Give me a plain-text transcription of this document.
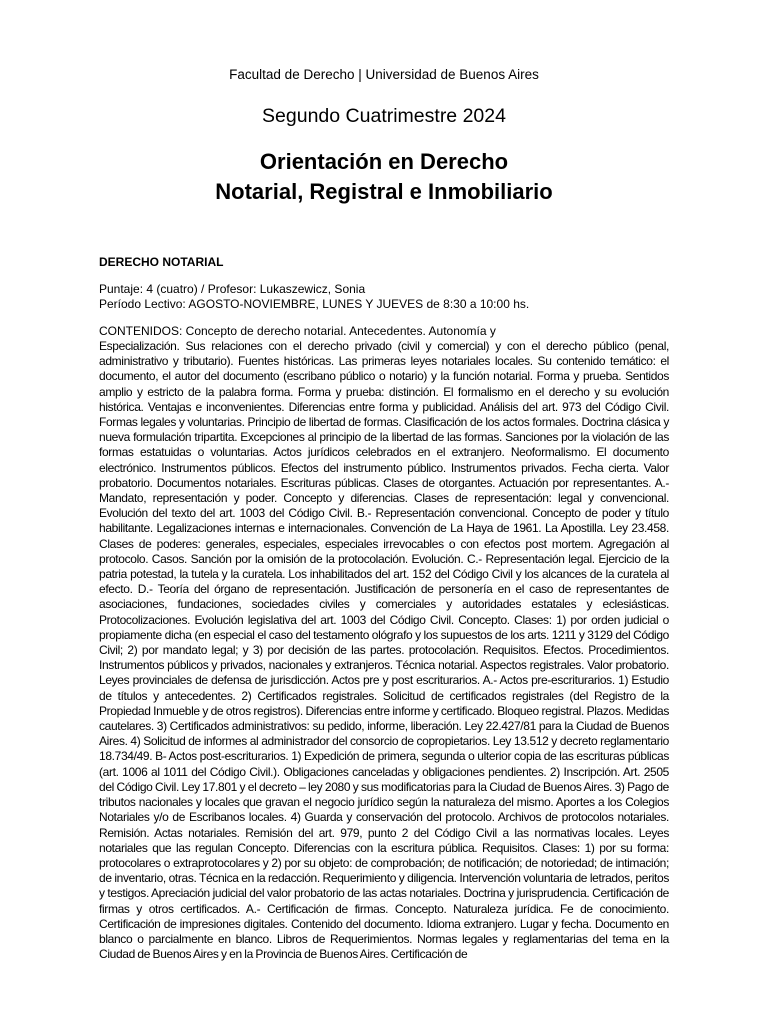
Facultad de Derecho | Universidad de Buenos Aires
Segundo Cuatrimestre 2024
Orientación en Derecho
Notarial, Registral e Inmobiliario
DERECHO NOTARIAL
Puntaje: 4 (cuatro) / Profesor: Lukaszewicz, Sonia
Período Lectivo: AGOSTO-NOVIEMBRE, LUNES Y JUEVES de 8:30 a 10:00 hs.
CONTENIDOS: Concepto de derecho notarial. Antecedentes. Autonomía y
Especialización. Sus relaciones con el derecho privado (civil y comercial) y con el derecho público (penal, administrativo y tributario). Fuentes históricas. Las primeras leyes notariales locales. Su contenido temático: el documento, el autor del documento (escribano público o notario) y la función notarial. Forma y prueba. Sentidos amplio y estricto de la palabra forma. Forma y prueba: distinción. El formalismo en el derecho y su evolución histórica. Ventajas e inconvenientes. Diferencias entre forma y publicidad. Análisis del art. 973 del Código Civil. Formas legales y voluntarias. Principio de libertad de formas. Clasificación de los actos formales. Doctrina clásica y nueva formulación tripartita. Excepciones al principio de la libertad de las formas. Sanciones por la violación de las formas estatuidas o voluntarias. Actos jurídicos celebrados en el extranjero. Neoformalismo. El documento electrónico. Instrumentos públicos. Efectos del instrumento público. Instrumentos privados. Fecha cierta. Valor probatorio. Documentos notariales. Escrituras públicas. Clases de otorgantes. Actuación por representantes. A.- Mandato, representación y poder. Concepto y diferencias. Clases de representación: legal y convencional. Evolución del texto del art. 1003 del Código Civil. B.- Representación convencional. Concepto de poder y título habilitante. Legalizaciones internas e internacionales. Convención de La Haya de 1961. La Apostilla. Ley 23.458. Clases de poderes: generales, especiales, especiales irrevocables o con efectos post mortem. Agregación al protocolo. Casos. Sanción por la omisión de la protocolación. Evolución. C.- Representación legal. Ejercicio de la patria potestad, la tutela y la curatela. Los inhabilitados del art. 152 del Código Civil y los alcances de la curatela al efecto. D.- Teoría del órgano de representación. Justificación de personería en el caso de representantes de asociaciones, fundaciones, sociedades civiles y comerciales y autoridades estatales y eclesiásticas. Protocolizaciones. Evolución legislativa del art. 1003 del Código Civil. Concepto. Clases: 1) por orden judicial o propiamente dicha (en especial el caso del testamento ológrafo y los supuestos de los arts. 1211 y 3129 del Código Civil; 2) por mandato legal; y 3) por decisión de las partes. protocolación. Requisitos. Efectos. Procedimientos. Instrumentos públicos y privados, nacionales y extranjeros. Técnica notarial. Aspectos registrales. Valor probatorio. Leyes provinciales de defensa de jurisdicción. Actos pre y post escriturarios. A.- Actos pre-escriturarios. 1) Estudio de títulos y antecedentes. 2) Certificados registrales. Solicitud de certificados registrales (del Registro de la Propiedad Inmueble y de otros registros). Diferencias entre informe y certificado. Bloqueo registral. Plazos. Medidas cautelares. 3) Certificados administrativos: su pedido, informe, liberación. Ley 22.427/81 para la Ciudad de Buenos Aires. 4) Solicitud de informes al administrador del consorcio de copropietarios. Ley 13.512 y decreto reglamentario 18.734/49. B- Actos post-escriturarios. 1) Expedición de primera, segunda o ulterior copia de las escrituras públicas (art. 1006 al 1011 del Código Civil.). Obligaciones canceladas y obligaciones pendientes. 2) Inscripción. Art. 2505 del Código Civil. Ley 17.801 y el decreto – ley 2080 y sus modificatorias para la Ciudad de Buenos Aires. 3) Pago de tributos nacionales y locales que gravan el negocio jurídico según la naturaleza del mismo. Aportes a los Colegios Notariales y/o de Escribanos locales. 4) Guarda y conservación del protocolo. Archivos de protocolos notariales. Remisión. Actas notariales. Remisión del art. 979, punto 2 del Código Civil a las normativas locales. Leyes notariales que las regulan Concepto. Diferencias con la escritura pública. Requisitos. Clases: 1) por su forma: protocolares o extraprotocolares y 2) por su objeto: de comprobación; de notificación; de notoriedad; de intimación; de inventario, otras. Técnica en la redacción. Requerimiento y diligencia. Intervención voluntaria de letrados, peritos y testigos. Apreciación judicial del valor probatorio de las actas notariales. Doctrina y jurisprudencia. Certificación de firmas y otros certificados. A.- Certificación de firmas. Concepto. Naturaleza jurídica. Fe de conocimiento. Certificación de impresiones digitales. Contenido del documento. Idioma extranjero. Lugar y fecha. Documento en blanco o parcialmente en blanco. Libros de Requerimientos. Normas legales y reglamentarias del tema en la Ciudad de Buenos Aires y en la Provincia de Buenos Aires. Certificación de
